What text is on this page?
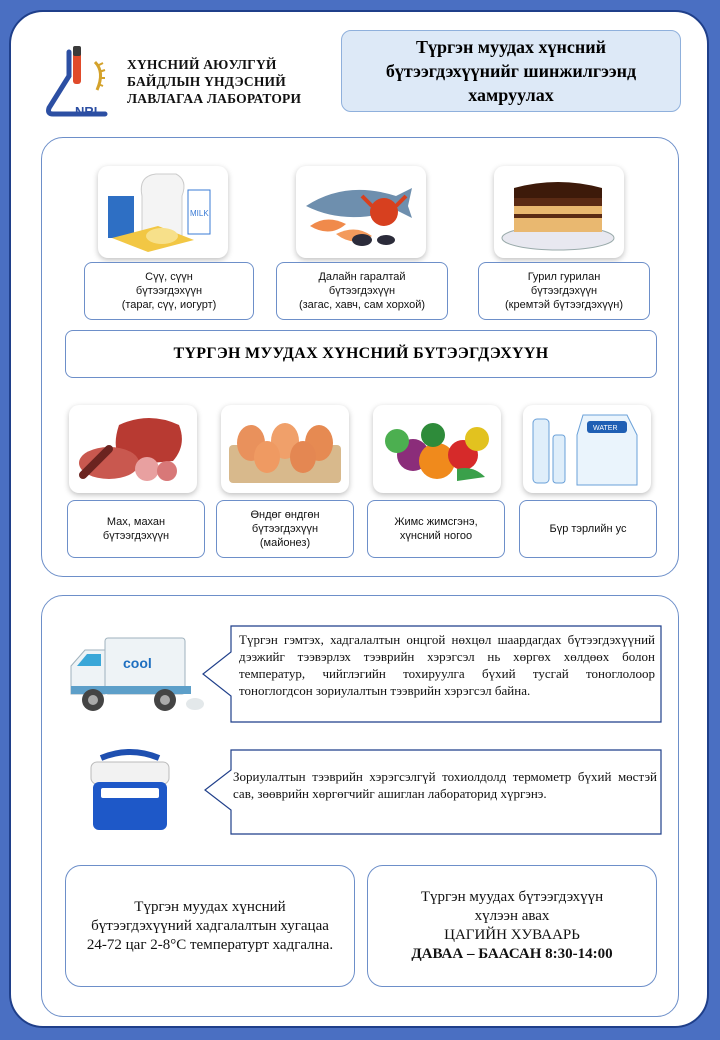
NRL
ХҮНСНИЙ АЮУЛГҮЙ
БАЙДЛЫН ҮНДЭСНИЙ
ЛАВЛАГАА ЛАБОРАТОРИ
Түргэн муудах хүнсний бүтээгдэхүүнийг шинжилгээнд хамруулах
MILK
Сүү, сүүн
бүтээгдэхүүн
(тараг, сүү, иогурт)
Далайн гаралтай
бүтээгдэхүүн
(загас, хавч, сам хорхой)
Гурил гурилан
бүтээгдэхүүн
(кремтэй бүтээгдэхүүн)
ТҮРГЭН МУУДАХ ХҮНСНИЙ БҮТЭЭГДЭХҮҮН
WATER
Мах, махан
бүтээгдэхүүн
Өндөг өндгөн
бүтээгдэхүүн
(майонез)
Жимс жимсгэнэ,
хүнсний ногоо
Бүр тэрлийн ус
cool
Түргэн гэмтэх, хадгалалтын онцгой нөхцөл шаардагдах бүтээгдэхүүний дээжийг тээвэрлэх тээврийн хэрэгсэл нь хөргөх хөлдөөх болон температур, чийглэгийн тохируулга бүхий тусгай тоноглолоор тоноглогдсон зориулалтын тээврийн хэрэгсэл байна.
Зориулалтын тээврийн хэрэгсэлгүй тохиолдолд термометр бүхий мөстэй сав, зөөврийн хөргөгчийг ашиглан лабораторид хүргэнэ.
Түргэн муудах хүнсний бүтээгдэхүүний хадгалалтын хугацаа 24-72 цаг 2-8°С температурт хадгална.
Түргэн муудах бүтээгдэхүүн
хүлээн авах
ЦАГИЙН ХУВААРЬ
ДАВАА – БААСАН 8:30-14:00
